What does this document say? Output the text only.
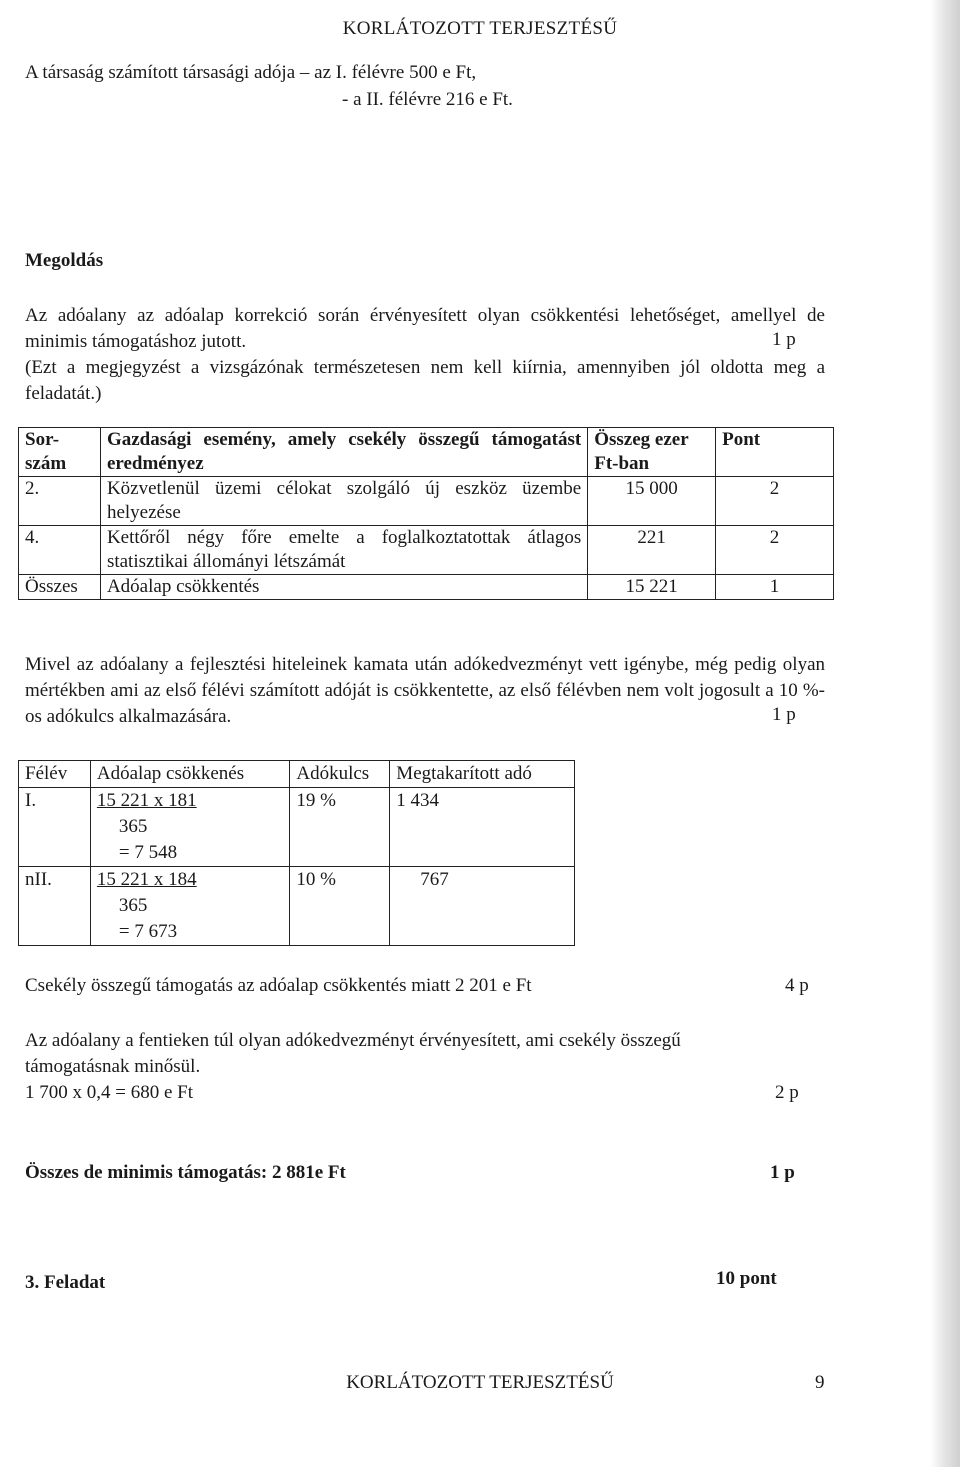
KORLÁTOZOTT TERJESZTÉSŰ
A társaság számított társasági adója – az I. félévre 500 e Ft,
- a II. félévre 216 e Ft.
Megoldás
Az adóalany az adóalap korrekció során érvényesített olyan csökkentési lehetőséget, amellyel de minimis támogatáshoz jutott.	1 p
(Ezt a megjegyzést a vizsgázónak természetesen nem kell kiírnia, amennyiben jól oldotta meg a feladatát.)
Sor-szám	Gazdasági esemény, amely csekély összegű támogatást eredményez	Összeg ezer Ft-ban	Pont
2.	Közvetlenül üzemi célokat szolgáló új eszköz üzembe helyezése	15 000	2
4.	Kettőről négy főre emelte a foglalkoztatottak átlagos statisztikai állományi létszámát	221	2
Összes	Adóalap csökkentés	15 221	1
Mivel az adóalany a fejlesztési hiteleinek kamata után adókedvezményt vett igénybe, még pedig olyan mértékben ami az első félévi számított adóját is csökkentette, az első félévben nem volt jogosult a 10 %-os adókulcs alkalmazására.	1 p
Félév	Adóalap csökkenés	Adókulcs	Megtakarított adó
I.	15 221 x 181
365
= 7 548	19 %	1 434
nII.	15 221 x 184
365
= 7 673	10 %	767
Csekély összegű támogatás az adóalap csökkentés miatt 2 201 e Ft	4 p
Az adóalany a fentieken túl olyan adókedvezményt érvényesített, ami csekély összegű
támogatásnak minősül.
1 700 x 0,4 = 680 e Ft	2 p
Összes de minimis támogatás: 2 881e Ft	1 p
3. Feladat	10 pont
KORLÁTOZOTT TERJESZTÉSŰ	9
